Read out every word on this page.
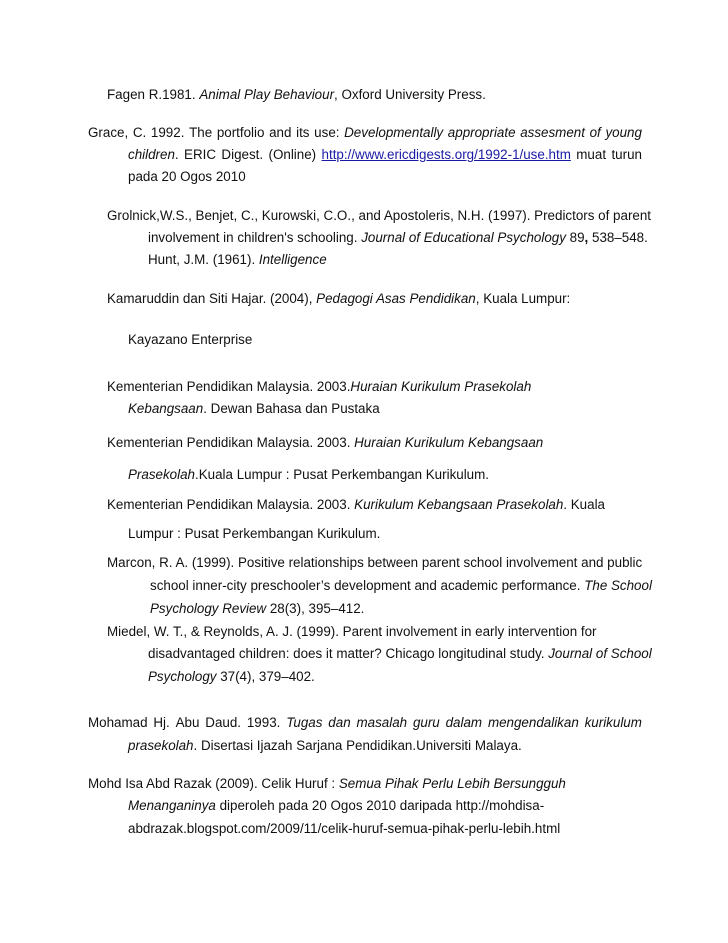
Fagen R.1981. Animal Play Behaviour, Oxford University Press.
Grace, C. 1992. The portfolio and its use: Developmentally appropriate assesment of young
children. ERIC Digest. (Online) http://www.ericdigests.org/1992-1/use.htm muat turun
pada 20 Ogos 2010
Grolnick,W.S., Benjet, C., Kurowski, C.O., and Apostoleris, N.H. (1997). Predictors of parent
involvement in children's schooling. Journal of Educational Psychology 89, 538–548.
Hunt, J.M. (1961). Intelligence
Kamaruddin dan Siti Hajar. (2004), Pedagogi Asas Pendidikan, Kuala Lumpur:
Kayazano Enterprise
Kementerian Pendidikan Malaysia. 2003.Huraian Kurikulum Prasekolah
Kebangsaan. Dewan Bahasa dan Pustaka
Kementerian Pendidikan Malaysia. 2003. Huraian Kurikulum Kebangsaan
Prasekolah.Kuala Lumpur : Pusat Perkembangan Kurikulum.
Kementerian Pendidikan Malaysia. 2003. Kurikulum Kebangsaan Prasekolah. Kuala
Lumpur : Pusat Perkembangan Kurikulum.
Marcon, R. A. (1999). Positive relationships between parent school involvement and public
school inner-city preschooler’s development and academic performance. The School
Psychology Review 28(3), 395–412.
Miedel, W. T., & Reynolds, A. J. (1999). Parent involvement in early intervention for
disadvantaged children: does it matter? Chicago longitudinal study. Journal of School
Psychology 37(4), 379–402.
Mohamad Hj. Abu Daud. 1993. Tugas dan masalah guru dalam mengendalikan kurikulum
prasekolah. Disertasi Ijazah Sarjana Pendidikan.Universiti Malaya.
Mohd Isa Abd Razak (2009). Celik Huruf : Semua Pihak Perlu Lebih Bersungguh
Menanganinya diperoleh pada 20 Ogos 2010 daripada http://mohdisa-
abdrazak.blogspot.com/2009/11/celik-huruf-semua-pihak-perlu-lebih.html
